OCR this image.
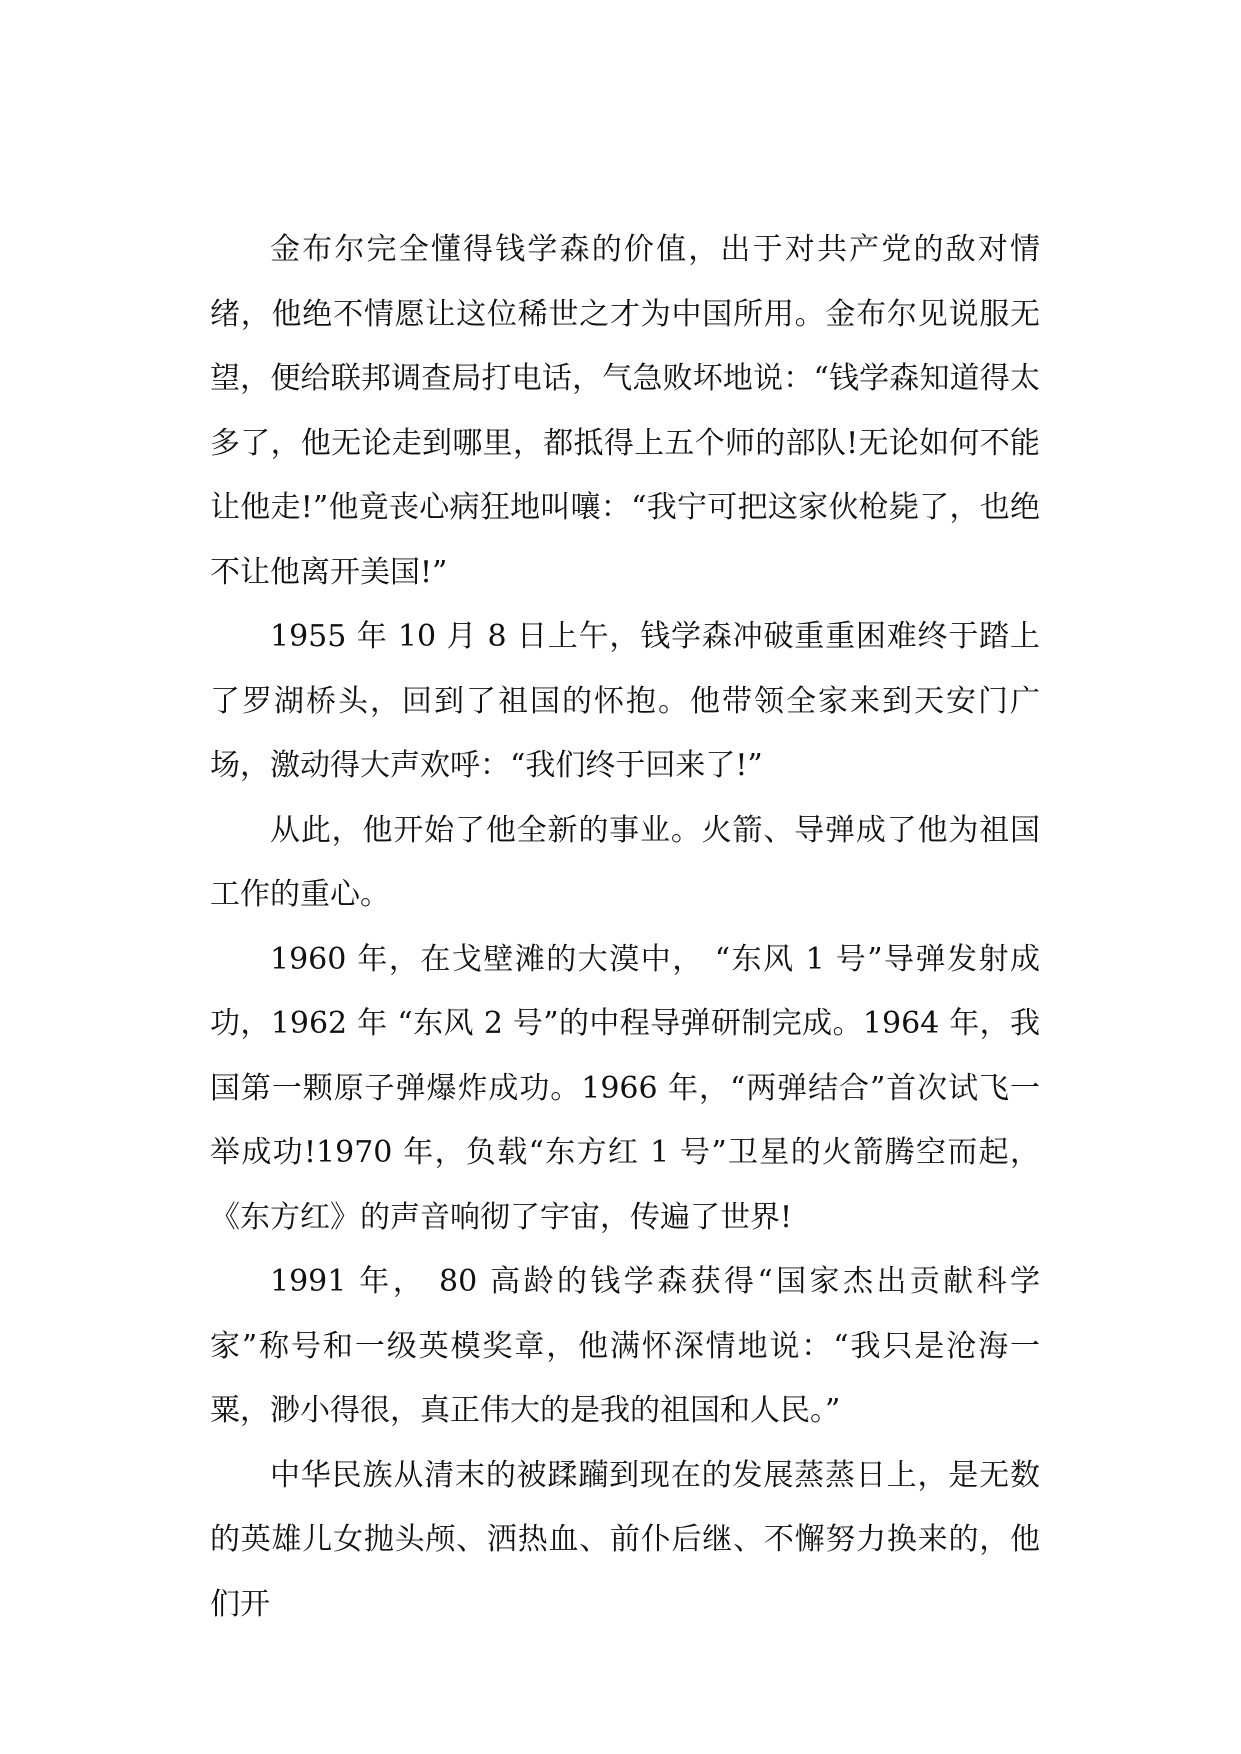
金布尔完全懂得钱学森的价值，出于对共产党的敌对情绪，他绝不情愿让这位稀世之才为中国所用。金布尔见说服无望，便给联邦调查局打电话，气急败坏地说：“钱学森知道得太多了，他无论走到哪里，都抵得上五个师的部队!无论如何不能让他走!”他竟丧心病狂地叫嚷：“我宁可把这家伙枪毙了，也绝不让他离开美国!”

1955 年 10 月 8 日上午，钱学森冲破重重困难终于踏上了罗湖桥头，回到了祖国的怀抱。他带领全家来到天安门广场，激动得大声欢呼：“我们终于回来了!”

从此，他开始了他全新的事业。火箭、导弹成了他为祖国工作的重心。

1960 年，在戈壁滩的大漠中， “东风 1 号”导弹发射成功，1962 年 “东风 2 号”的中程导弹研制完成。1964 年，我国第一颗原子弹爆炸成功。1966 年，“两弹结合”首次试飞一举成功!1970 年，负载“东方红 1 号”卫星的火箭腾空而起，《东方红》的声音响彻了宇宙，传遍了世界!

1991 年， 80 高龄的钱学森获得“国家杰出贡献科学家”称号和一级英模奖章，他满怀深情地说：“我只是沧海一粟，渺小得很，真正伟大的是我的祖国和人民。”

中华民族从清末的被蹂躏到现在的发展蒸蒸日上，是无数的英雄儿女抛头颅、洒热血、前仆后继、不懈努力换来的，他们开
